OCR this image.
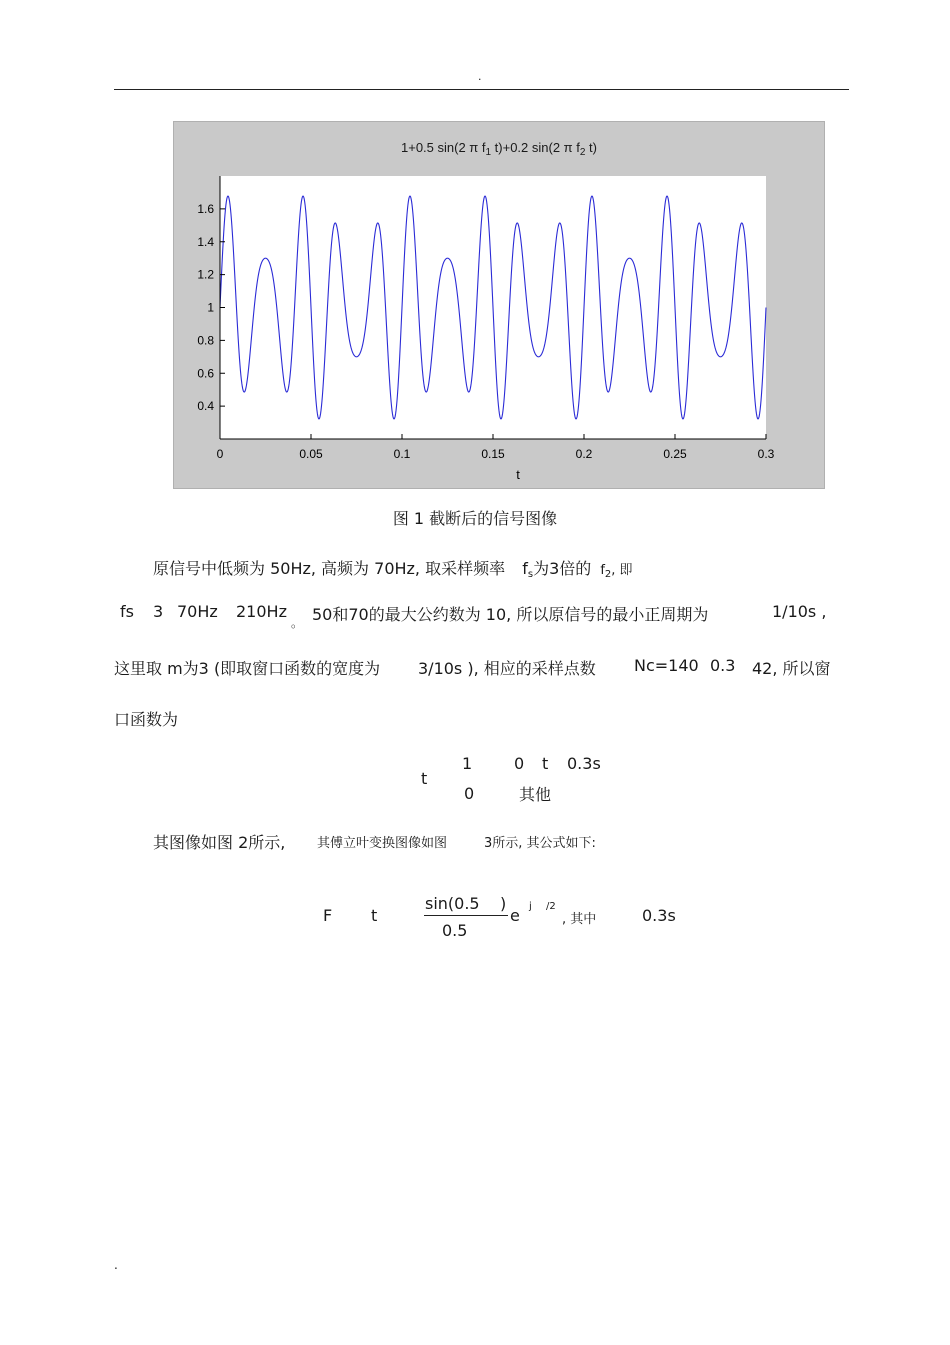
.
1+0.5 sin(2 π $f_1$ t)+0.2 sin(2 π $f_2$ t)
0.4
0.6
0.8
1
1.2
1.4
1.6
0	0.05	0.1	0.15	0.2	0.25	0.3
t
图 1 截断后的信号图像
原信号中低频为 50Hz, 高频为 70Hz, 取采样频率 $f_s$为3倍的 $f_2$, 即
fs 3 70Hz 210Hz
。 50和70的最大公约数为 10, 所以原信号的最小正周期为	1/10s ,
这里取 m为3 (即取窗口函数的宽度为 3/10s ), 相应的采样点数 Nc=140 0.3 42, 所以窗
口函数为
t
1	0 t 0.3s
0	其他
其图像如图 2所示, 其傅立叶变换图像如图	3所示, 其公式如下:
F t
sin(0.5 )
0.5
e j /2
, 其中	0.3s
.
